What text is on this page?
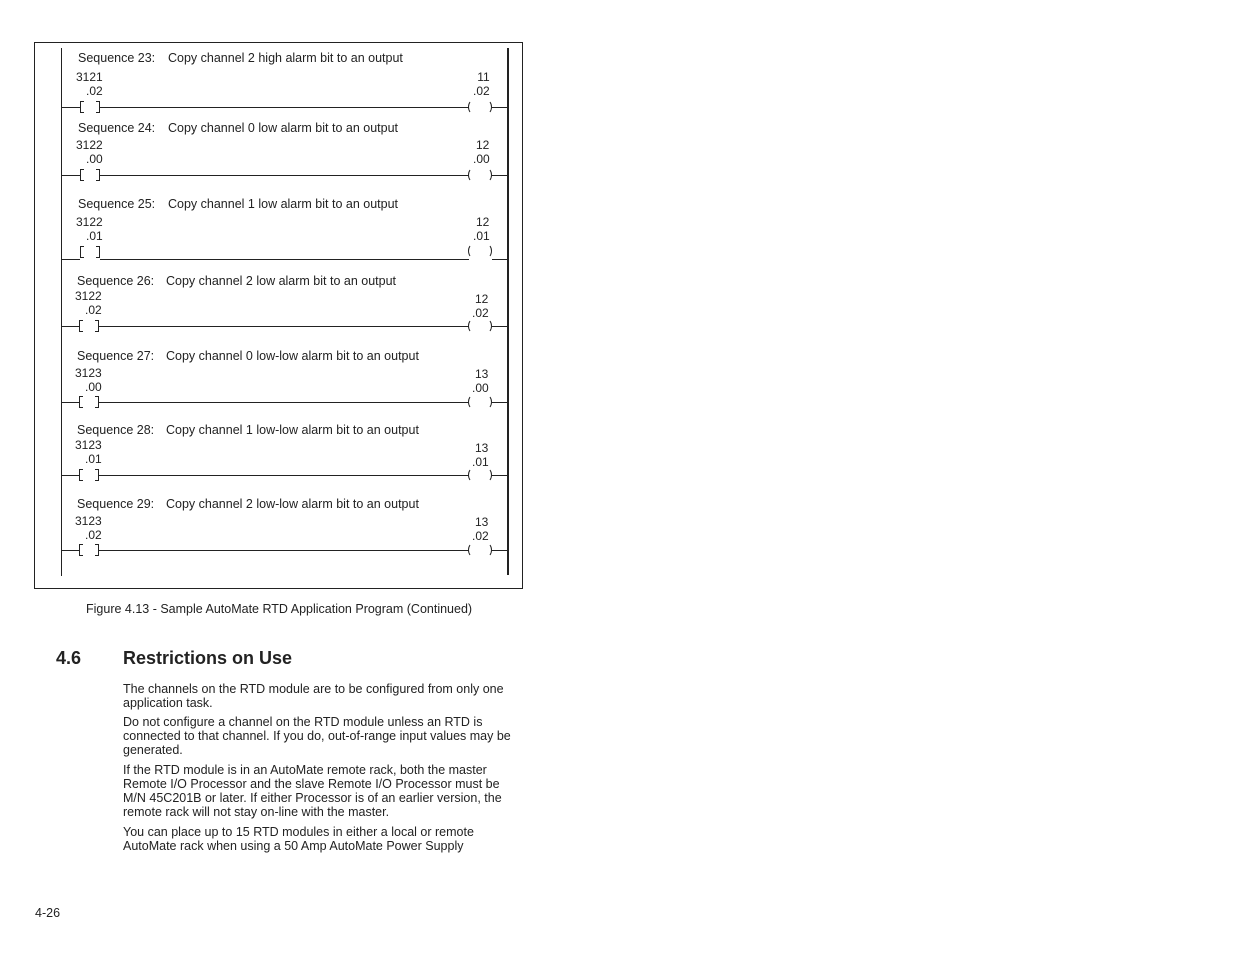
Sequence 23: Copy channel 2 high alarm bit to an output
3121
.02
11
.02
Sequence 24: Copy channel 0 low alarm bit to an output
3122
.00
12
.00
Sequence 25: Copy channel 1 low alarm bit to an output
3122
.01
12
.01
Sequence 26: Copy channel 2 low alarm bit to an output
3122
.02
12
.02
Sequence 27: Copy channel 0 low-low alarm bit to an output
3123
.00
13
.00
Sequence 28: Copy channel 1 low-low alarm bit to an output
3123
.01
13
.01
Sequence 29: Copy channel 2 low-low alarm bit to an output
3123
.02
13
.02
Figure 4.13 - Sample AutoMate RTD Application Program (Continued)
4.6 Restrictions on Use

The channels on the RTD module are to be configured from only one application task.

Do not configure a channel on the RTD module unless an RTD is connected to that channel. If you do, out-of-range input values may be generated.

If the RTD module is in an AutoMate remote rack, both the master Remote I/O Processor and the slave Remote I/O Processor must be M/N 45C201B or later. If either Processor is of an earlier version, the remote rack will not stay on-line with the master.

You can place up to 15 RTD modules in either a local or remote AutoMate rack when using a 50 Amp AutoMate Power Supply

4-26
